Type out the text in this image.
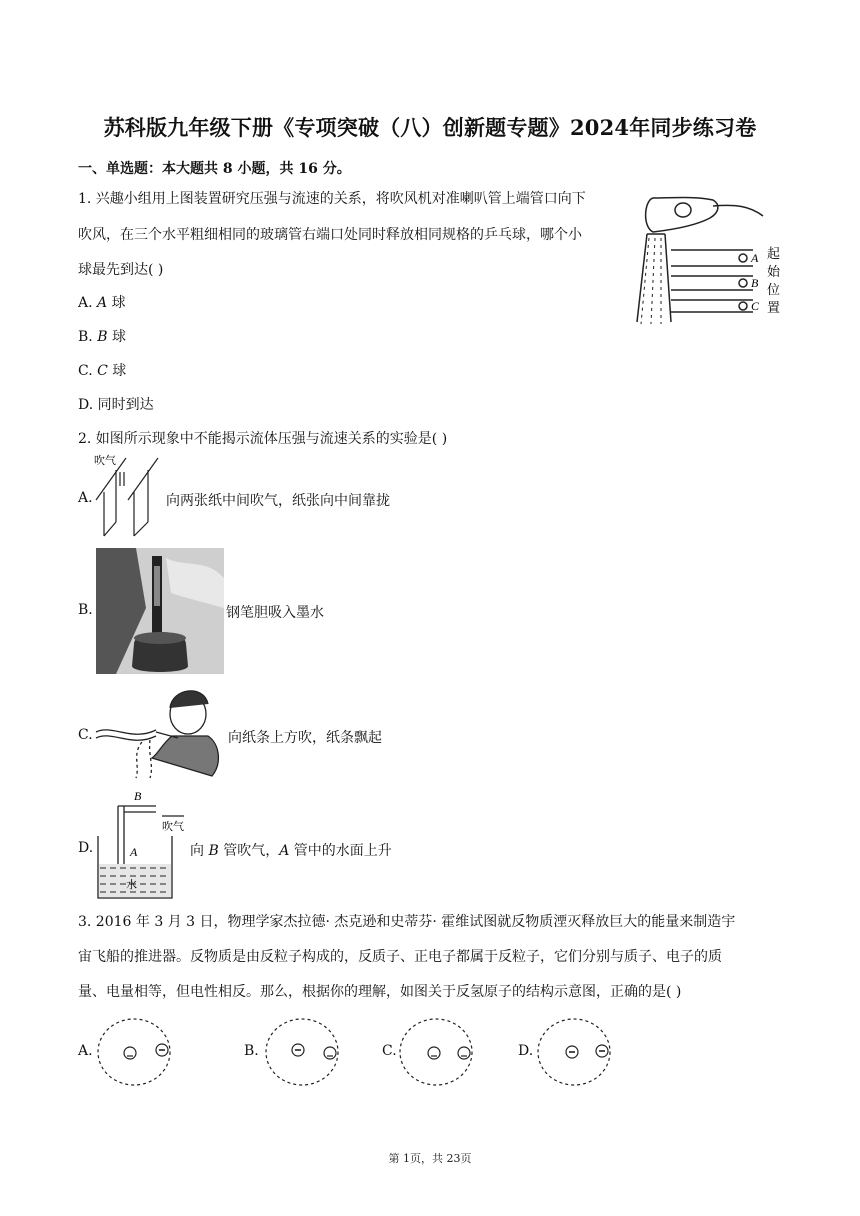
苏科版九年级下册《专项突破（八）创新题专题》2024年同步练习卷
一、单选题：本大题共 8 小题，共 16 分。
1. 兴趣小组用上图装置研究压强与流速的关系，将吹风机对准喇叭管上端管口向下
吹风，在三个水平粗细相同的玻璃管右端口处同时释放相同规格的乒乓球，哪个小
球最先到达( )
A. A 球
B. B 球
C. C 球
D. 同时到达
A
B
C
起
始
位
置
2. 如图所示现象中不能揭示流体压强与流速关系的实验是( )
A.
吹气
向两张纸中间吹气，纸张向中间靠拢
B.	钢笔胆吸入墨水
C.	向纸条上方吹，纸条飘起
D.
B
吹气
A
水
向 B 管吹气，A 管中的水面上升
3. 2016 年 3 月 3 日，物理学家杰拉德· 杰克逊和史蒂芬· 霍维试图就反物质湮灭释放巨大的能量来制造宇
宙飞船的推进器。反物质是由反粒子构成的，反质子、正电子都属于反粒子，它们分别与质子、电子的质
量、电量相等，但电性相反。那么，根据你的理解，如图关于反氢原子的结构示意图，正确的是( )
A.	B.	C.	D.
第 1页，共 23页
